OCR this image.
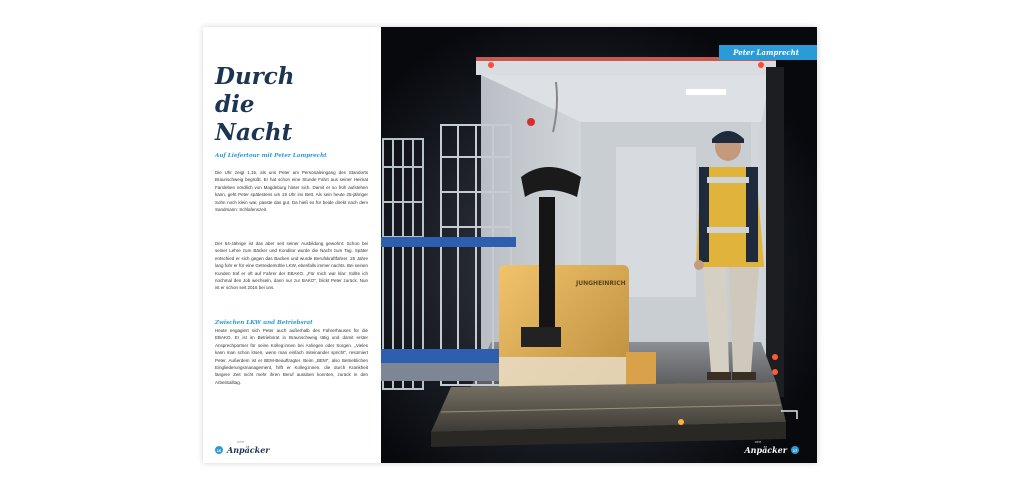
Durch
die
Nacht
Auf Liefertour mit Peter Lamprecht

Die Uhr zeigt 1.15, als uns Peter am Personaleingang des Standorts Braunschweig begrüßt. Er hat schon eine Stunde Fahrt aus seiner Heimat Farsleben nördlich von Magdeburg hinter sich. Damit er so früh aufstehen kann, geht Peter spätestens um 19 Uhr ins Bett. Als sein heute 25-jähriger Sohn noch klein war, passte das gut. Da hieß es für beide direkt nach dem Sandmann: Schlafenszeit.

Der 54-Jährige ist das aber seit seiner Ausbildung gewohnt: Schon bei seiner Lehre zum Bäcker und Konditor wurde die Nacht zum Tag. Später entschied er sich gegen das Backen und wurde Berufskraftfahrer. 25 Jahre lang fuhr er für eine Getreidemühle LKW, ebenfalls immer nachts. Bei seinen Kunden traf er oft auf Fahrer der EBAKO. „Für mich war klar: Sollte ich nochmal den Job wechseln, dann nur zur BAKO", blickt Peter zurück. Nun ist er schon seit 2016 bei uns.

Zwischen LKW und Betriebsrat

Heute engagiert sich Peter auch außerhalb des Fahrerhauses für die EBAKO. Er ist im Betriebsrat in Braunschweig tätig und damit erster Ansprechpartner für seine Kolleg:innen bei Anliegen oder Sorgen. „Vieles kann man schon lösen, wenn man einfach miteinander spricht", resümiert Peter. Außerdem ist er BEM-Beauftragter. Beim „BEM", also Betrieblichen Eingliederungsmanagement, hilft er Kolleg:innen, die durch Krankheit längere Zeit nicht mehr ihren Beruf ausüben konnten, zurück in den Arbeitsalltag.

16
DER
Anpäcker
JUNGHEINRICH
Peter Lamprecht
DER
Anpäcker	17
